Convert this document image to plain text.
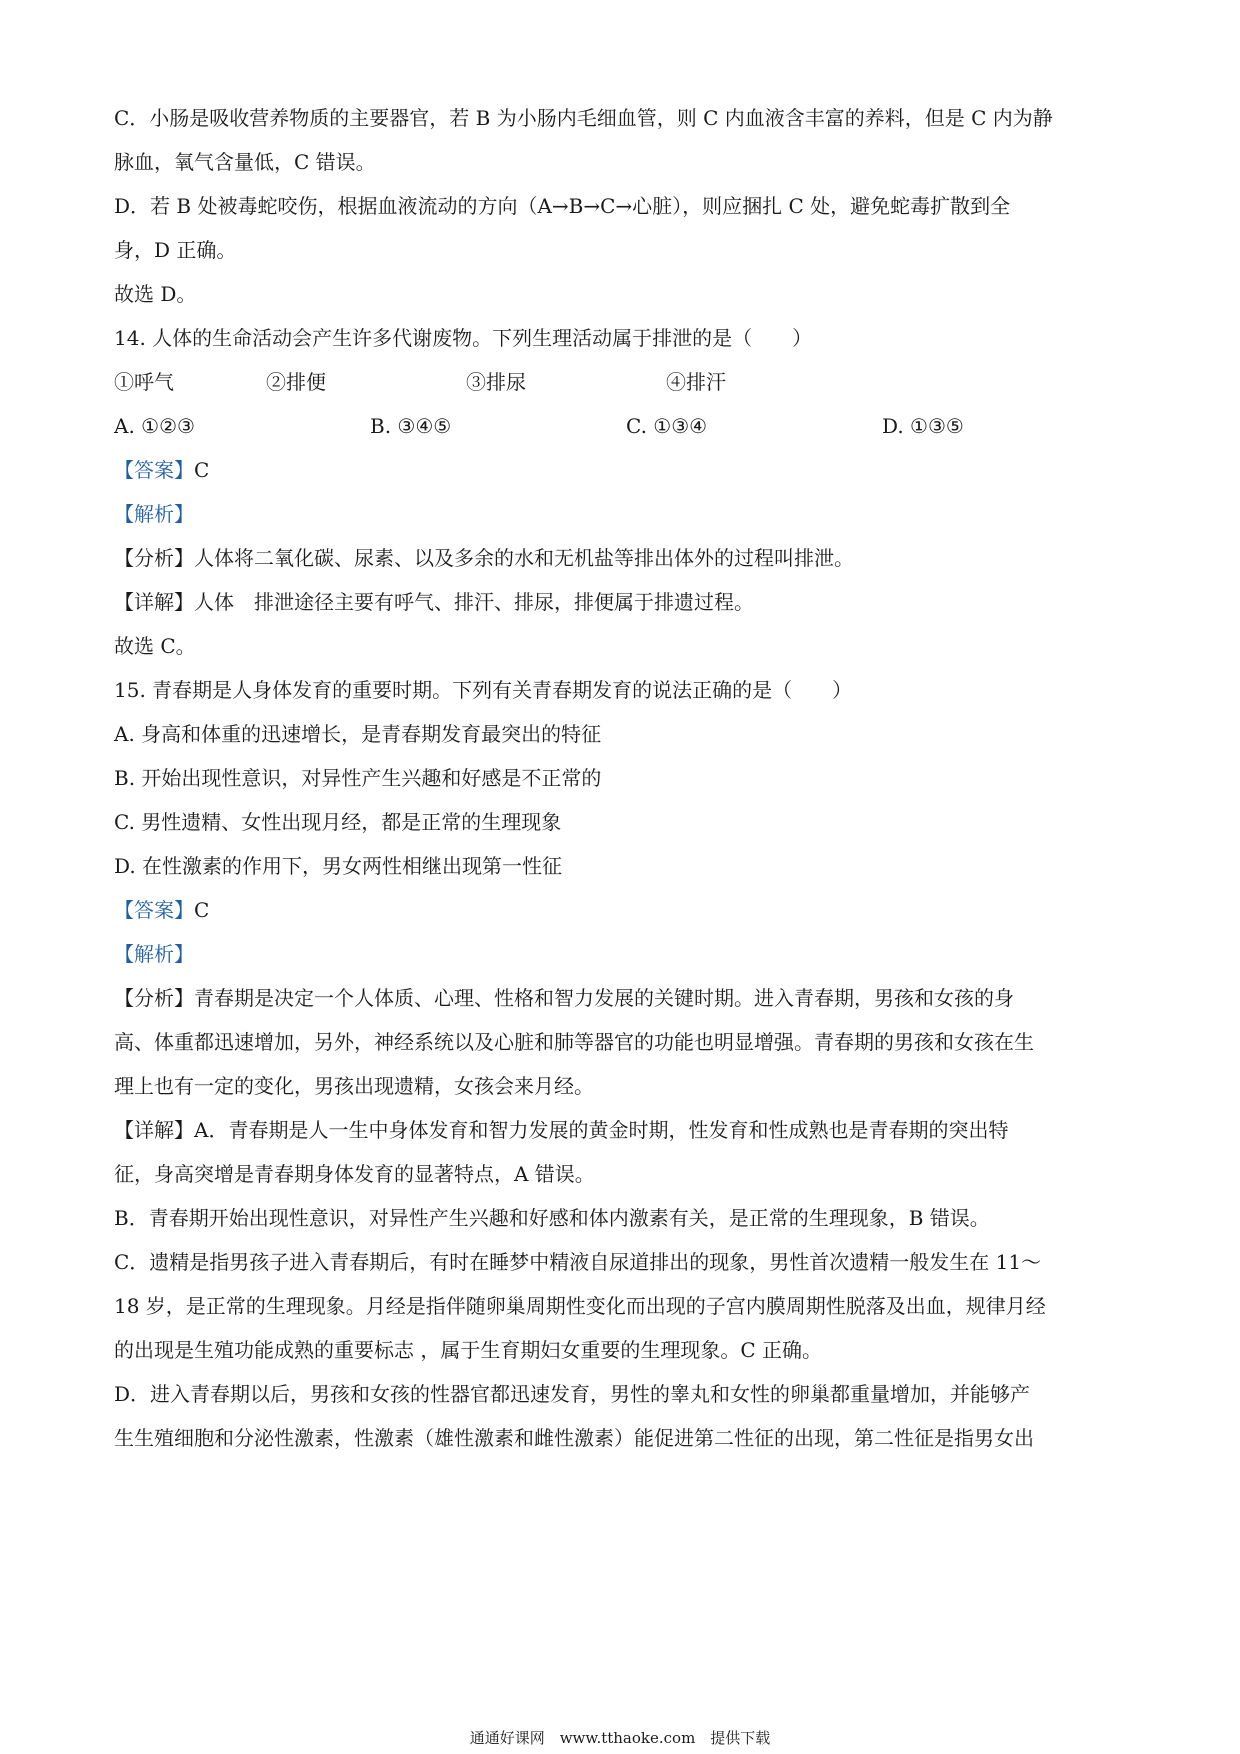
C．小肠是吸收营养物质的主要器官，若 B 为小肠内毛细血管，则 C 内血液含丰富的养料，但是 C 内为静
脉血，氧气含量低，C 错误。
D．若 B 处被毒蛇咬伤，根据血液流动的方向（A→B→C→心脏），则应捆扎 C 处，避免蛇毒扩散到全
身，D 正确。
故选 D。
14. 人体的生命活动会产生许多代谢废物。下列生理活动属于排泄的是（　　）
①呼气	②排便	③排尿	④排汗
A. ①②③	B. ③④⑤	C. ①③④	D. ①③⑤
【答案】C
【解析】
【分析】人体将二氧化碳、尿素、以及多余的水和无机盐等排出体外的过程叫排泄。
【详解】人体　排泄途径主要有呼气、排汗、排尿，排便属于排遗过程。
故选 C。
15. 青春期是人身体发育的重要时期。下列有关青春期发育的说法正确的是（　　）
A. 身高和体重的迅速增长，是青春期发育最突出的特征
B. 开始出现性意识，对异性产生兴趣和好感是不正常的
C. 男性遗精、女性出现月经，都是正常的生理现象
D. 在性激素的作用下，男女两性相继出现第一性征
【答案】C
【解析】
【分析】青春期是决定一个人体质、心理、性格和智力发展的关键时期。进入青春期，男孩和女孩的身
高、体重都迅速增加，另外，神经系统以及心脏和肺等器官的功能也明显增强。青春期的男孩和女孩在生
理上也有一定的变化，男孩出现遗精，女孩会来月经。
【详解】A．青春期是人一生中身体发育和智力发展的黄金时期，性发育和性成熟也是青春期的突出特
征，身高突增是青春期身体发育的显著特点，A 错误。
B．青春期开始出现性意识，对异性产生兴趣和好感和体内激素有关，是正常的生理现象，B 错误。
C．遗精是指男孩子进入青春期后，有时在睡梦中精液自尿道排出的现象，男性首次遗精一般发生在 11～
18 岁，是正常的生理现象。月经是指伴随卵巢周期性变化而出现的子宫内膜周期性脱落及出血，规律月经
的出现是生殖功能成熟的重要标志 ，属于生育期妇女重要的生理现象。C 正确。
D．进入青春期以后，男孩和女孩的性器官都迅速发育，男性的睾丸和女性的卵巢都重量增加，并能够产
生生殖细胞和分泌性激素，性激素（雄性激素和雌性激素）能促进第二性征的出现，第二性征是指男女出
通通好课网　www.tthaoke.com　提供下载
